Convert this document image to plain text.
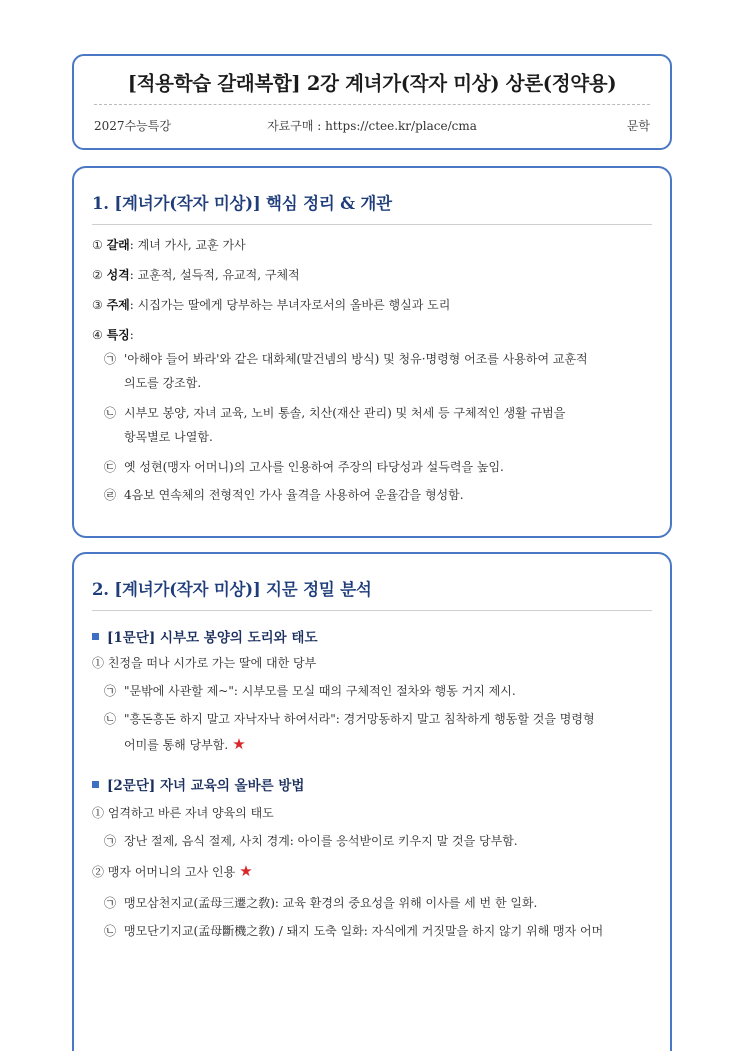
[적용학습 갈래복합] 2강 계녀가(작자 미상) 상론(정약용)
자료구매 : https://ctee.kr/place/cma
2027수능특강	문학
1. [계녀가(작자 미상)] 핵심 정리 & 개관
① 갈래: 계녀 가사, 교훈 가사
② 성격: 교훈적, 설득적, 유교적, 구체적
③ 주제: 시집가는 딸에게 당부하는 부녀자로서의 올바른 행실과 도리
④ 특징:
㉠ '아해야 들어 봐라'와 같은 대화체(말건넴의 방식) 및 청유·명령형 어조를 사용하여 교훈적
의도를 강조함.
㉡ 시부모 봉양, 자녀 교육, 노비 통솔, 치산(재산 관리) 및 처세 등 구체적인 생활 규범을
항목별로 나열함.
㉢ 옛 성현(맹자 어머니)의 고사를 인용하여 주장의 타당성과 설득력을 높임.
㉣ 4음보 연속체의 전형적인 가사 율격을 사용하여 운율감을 형성함.
2. [계녀가(작자 미상)] 지문 정밀 분석
[1문단] 시부모 봉양의 도리와 태도
① 친정을 떠나 시가로 가는 딸에 대한 당부
㉠ "문밖에 사관할 제~": 시부모를 모실 때의 구체적인 절차와 행동 거지 제시.
㉡ "흥돈흥돈 하지 말고 자낙자낙 하여서라": 경거망동하지 말고 침착하게 행동할 것을 명령형
어미를 통해 당부함. ★
[2문단] 자녀 교육의 올바른 방법
① 엄격하고 바른 자녀 양육의 태도
㉠ 장난 절제, 음식 절제, 사치 경계: 아이를 응석받이로 키우지 말 것을 당부함.
② 맹자 어머니의 고사 인용 ★
㉠ 맹모삼천지교(孟母三遷之敎): 교육 환경의 중요성을 위해 이사를 세 번 한 일화.
㉡ 맹모단기지교(孟母斷機之敎) / 돼지 도축 일화: 자식에게 거짓말을 하지 않기 위해 맹자 어머
